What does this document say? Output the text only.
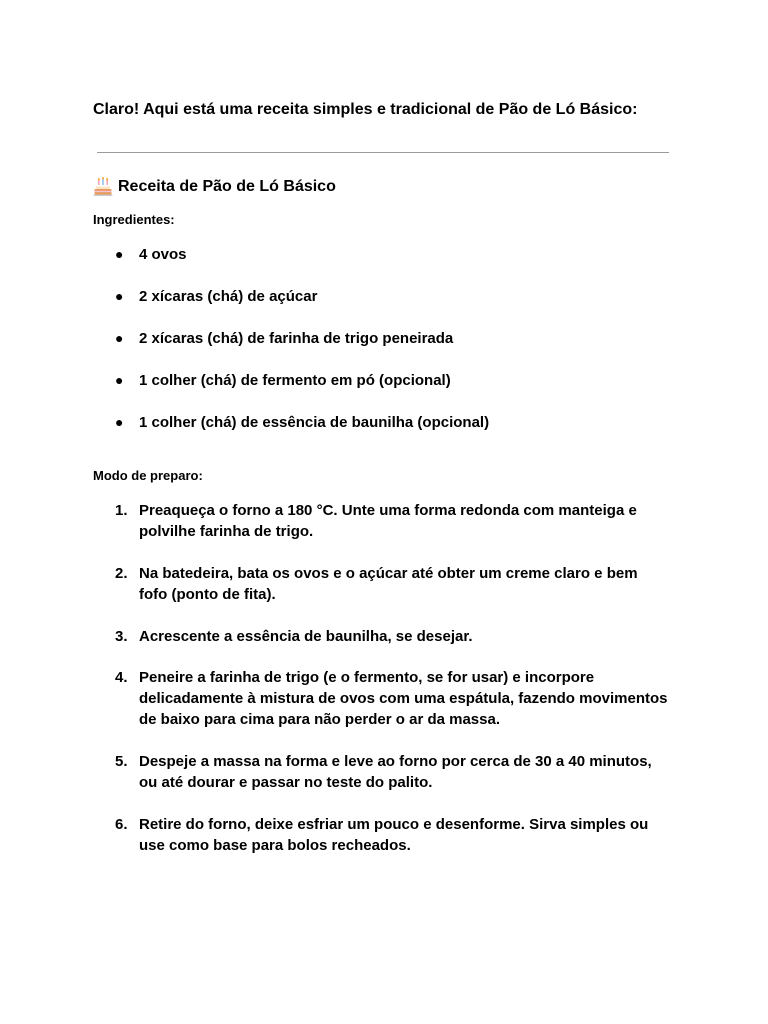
Claro! Aqui está uma receita simples e tradicional de Pão de Ló Básico:
Receita de Pão de Ló Básico
Ingredientes:
●	4 ovos
●	2 xícaras (chá) de açúcar
●	2 xícaras (chá) de farinha de trigo peneirada
●	1 colher (chá) de fermento em pó (opcional)
●	1 colher (chá) de essência de baunilha (opcional)
Modo de preparo:
1. Preaqueça o forno a 180 °C. Unte uma forma redonda com manteiga e polvilhe farinha de trigo.
2. Na batedeira, bata os ovos e o açúcar até obter um creme claro e bem fofo (ponto de fita).
3. Acrescente a essência de baunilha, se desejar.
4. Peneire a farinha de trigo (e o fermento, se for usar) e incorpore delicadamente à mistura de ovos com uma espátula, fazendo movimentos de baixo para cima para não perder o ar da massa.
5. Despeje a massa na forma e leve ao forno por cerca de 30 a 40 minutos, ou até dourar e passar no teste do palito.
6. Retire do forno, deixe esfriar um pouco e desenforme. Sirva simples ou use como base para bolos recheados.
